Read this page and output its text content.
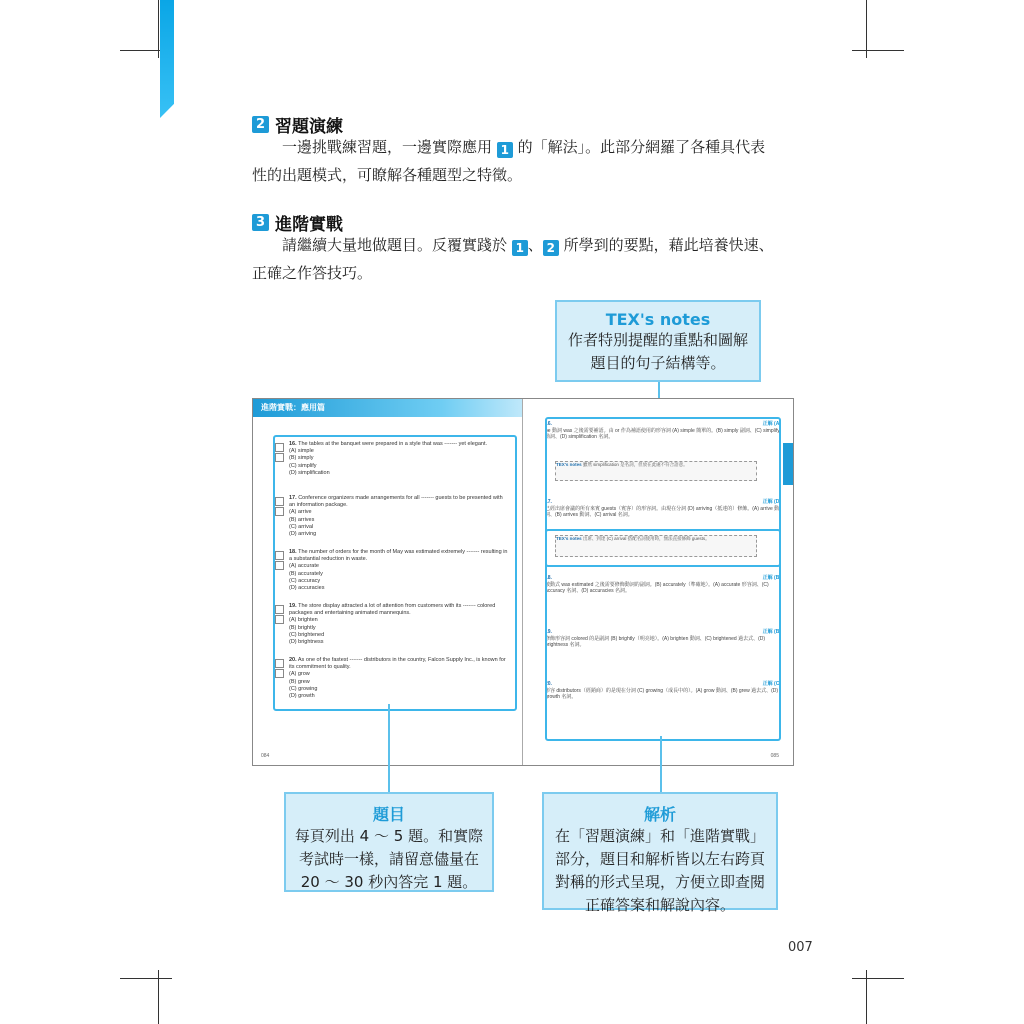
2 習題演練
一邊挑戰練習題，一邊實際應用 1 的「解法」。此部分網羅了各種具代表
性的出題模式，可瞭解各種題型之特徵。
3 進階實戰
請繼續大量地做題目。反覆實踐於 1 、 2 所學到的要點，藉此培養快速、
正確之作答技巧。
TEX's notes
作者特別提醒的重點和圖解
題目的句子結構等。
進階實戰：應用篇
16. The tables at the banquet were prepared in a style that was ------- yet elegant.
(A) simple
(B) simply
(C) simplify
(D) simplification
17. Conference organizers made arrangements for all ------- guests to be presented with an information package.
(A) arrive
(B) arrives
(C) arrival
(D) arriving
18. The number of orders for the month of May was estimated extremely ------- resulting in a substantial reduction in waste.
(A) accurate
(B) accurately
(C) accuracy
(D) accuracies
19. The store display attracted a lot of attention from customers with its ------- colored packages and entertaining animated mannequins.
(A) brighten
(B) brightly
(C) brightened
(D) brightness
20. As one of the fastest ------- distributors in the country, Falcon Supply Inc., is known for its commitment to quality.
(A) grow
(B) grew
(C) growing
(D) growth
084
16.	正解 (A)
be 動詞 was 之後需要補語。由 or 作為補語使用的形容詞 (A) simple 簡單的。(B) simply 副詞、(C) simplify 動詞、(D) simplification 名詞。
TEX's notes 雖然 simplification 是名詞，但放在此處不符合語意。
17.	正解 (D)
已經出席會議的所有來賓 guests（賓客）的形容詞。由現在分詞 (D) arriving（抵達的）修飾。(A) arrive 動詞、(B) arrives 動詞、(C) arrival 名詞。
TEX's notes 出席、到達 (C) arrival 搭配名詞使用時，無法直接修飾 guests。
18.	正解 (B)
被動式 was estimated 之後需要修飾動詞的副詞。(B) accurately（準確地）。(A) accurate 形容詞、(C) accuracy 名詞、(D) accuracies 名詞。
19.	正解 (B)
修飾形容詞 colored 的是副詞 (B) brightly（明亮地）。(A) brighten 動詞、(C) brightened 過去式、(D) brightness 名詞。
20.	正解 (C)
形容 distributors（經銷商）的是現在分詞 (C) growing（成長中的）。(A) grow 動詞、(B) grew 過去式、(D) growth 名詞。
085
題目
每頁列出 4 ～ 5 題。和實際
考試時一樣，請留意儘量在
20 ～ 30 秒內答完 1 題。
解析
在「習題演練」和「進階實戰」
部分，題目和解析皆以左右跨頁
對稱的形式呈現，方便立即查閱
正確答案和解說內容。
007
